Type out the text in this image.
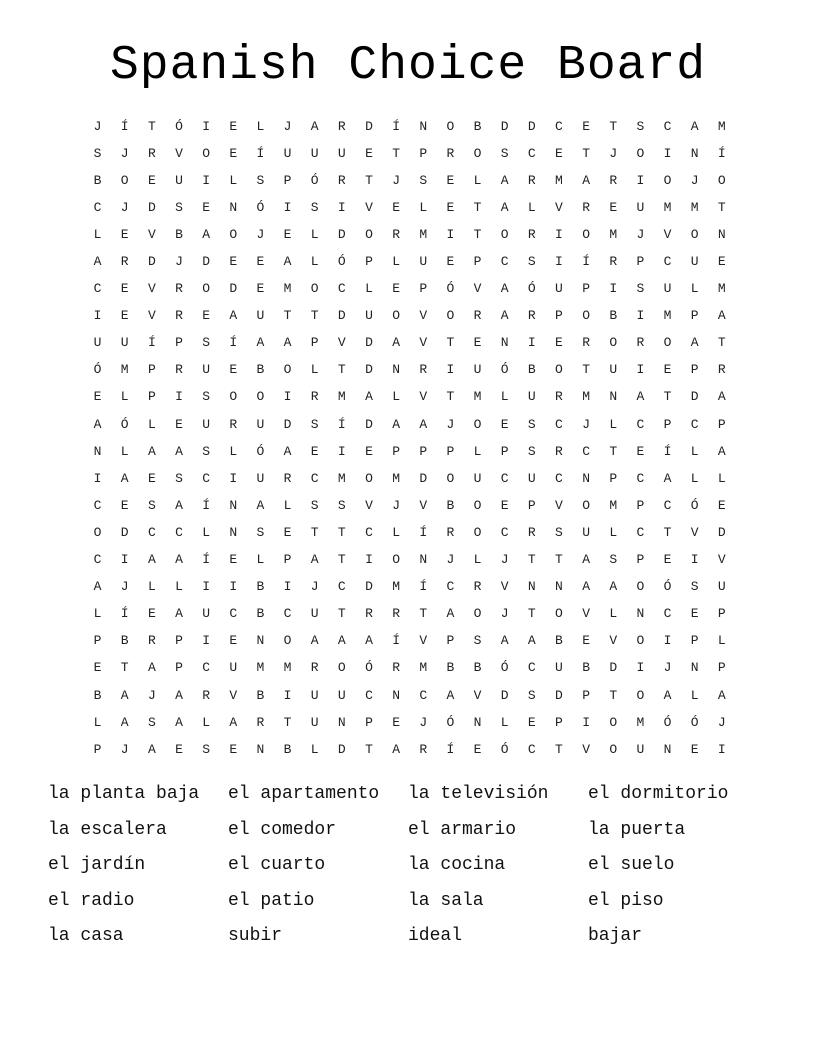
Spanish Choice Board
J	Í	T	Ó	I	E	L	J	A	R	D	Í	N	O	B	D	D	C	E	T	S	C	A	M
S	J	R	V	O	E	Í	U	U	U	E	T	P	R	O	S	C	E	T	J	O	I	N	Í
B	O	E	U	I	L	S	P	Ó	R	T	J	S	E	L	A	R	M	A	R	I	O	J	O
C	J	D	S	E	N	Ó	I	S	I	V	E	L	E	T	A	L	V	R	E	U	M	M	T
L	E	V	B	A	O	J	E	L	D	O	R	M	I	T	O	R	I	O	M	J	V	O	N
A	R	D	J	D	E	E	A	L	Ó	P	L	U	E	P	C	S	I	Í	R	P	C	U	E
C	E	V	R	O	D	E	M	O	C	L	E	P	Ó	V	A	Ó	U	P	I	S	U	L	M
I	E	V	R	E	A	U	T	T	D	U	O	V	O	R	A	R	P	O	B	I	M	P	A
U	U	Í	P	S	Í	A	A	P	V	D	A	V	T	E	N	I	E	R	O	R	O	A	T
Ó	M	P	R	U	E	B	O	L	T	D	N	R	I	U	Ó	B	O	T	U	I	E	P	R
E	L	P	I	S	O	O	I	R	M	A	L	V	T	M	L	U	R	M	N	A	T	D	A
A	Ó	L	E	U	R	U	D	S	Í	D	A	A	J	O	E	S	C	J	L	C	P	C	P
N	L	A	A	S	L	Ó	A	E	I	E	P	P	P	L	P	S	R	C	T	E	Í	L	A
I	A	E	S	C	I	U	R	C	M	O	M	D	O	U	C	U	C	N	P	C	A	L	L
C	E	S	A	Í	N	A	L	S	S	V	J	V	B	O	E	P	V	O	M	P	C	Ó	E
O	D	C	C	L	N	S	E	T	T	C	L	Í	R	O	C	R	S	U	L	C	T	V	D
C	I	A	A	Í	E	L	P	A	T	I	O	N	J	L	J	T	T	A	S	P	E	I	V
A	J	L	L	I	I	B	I	J	C	D	M	Í	C	R	V	N	N	A	A	O	Ó	S	U
L	Í	E	A	U	C	B	C	U	T	R	R	T	A	O	J	T	O	V	L	N	C	E	P
P	B	R	P	I	E	N	O	A	A	A	Í	V	P	S	A	A	B	E	V	O	I	P	L
E	T	A	P	C	U	M	M	R	O	Ó	R	M	B	B	Ó	C	U	B	D	I	J	N	P
B	A	J	A	R	V	B	I	U	U	C	N	C	A	V	D	S	D	P	T	O	A	L	A
L	A	S	A	L	A	R	T	U	N	P	E	J	Ó	N	L	E	P	I	O	M	Ó	Ó	J
P	J	A	E	S	E	N	B	L	D	T	A	R	Í	E	Ó	C	T	V	O	U	N	E	I
la planta baja	el apartamento	la televisión	el dormitorio
la escalera	el comedor	el armario	la puerta
el jardín	el cuarto	la cocina	el suelo
el radio	el patio	la sala	el piso
la casa	subir	ideal	bajar
